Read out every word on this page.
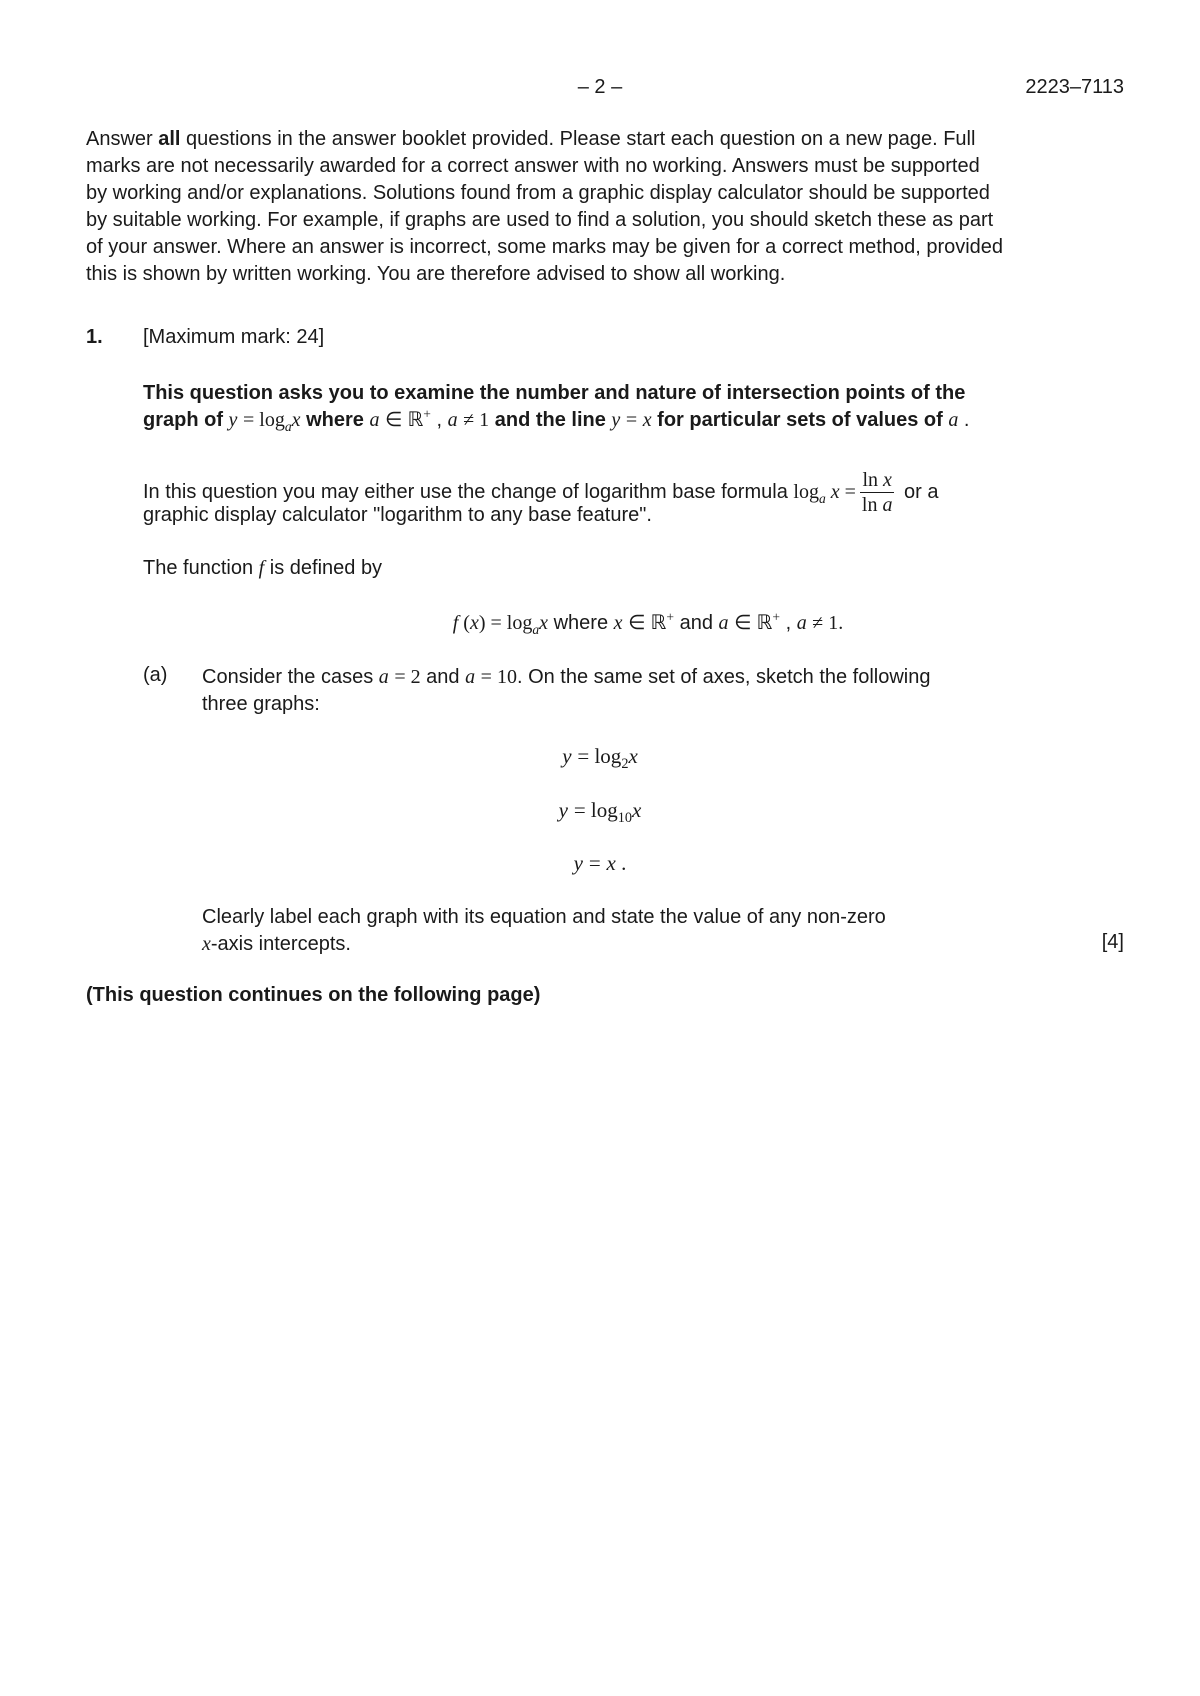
– 2 –	2223–7113
Answer all questions in the answer booklet provided. Please start each question on a new page. Full
marks are not necessarily awarded for a correct answer with no working. Answers must be supported
by working and/or explanations. Solutions found from a graphic display calculator should be supported
by suitable working. For example, if graphs are used to find a solution, you should sketch these as part
of your answer. Where an answer is incorrect, some marks may be given for a correct method, provided
this is shown by written working. You are therefore advised to show all working.
1. [Maximum mark: 24]
This question asks you to examine the number and nature of intersection points of the
graph of $y = \log_ax$ where a ∈ ℝ+ , a ≠ 1 and the line y = x for particular sets of values of a .
In this question you may either use the change of logarithm base formula $\log_a x = \frac{\text{ln x}}{\text{ln a}}$ or a
graphic display calculator "logarithm to any base feature".
The function f is defined by
f $(x) = \log_ax$ where x ∈ ℝ+ and a ∈ ℝ+ , a ≠ 1.
(a) Consider the cases a = 2 and a = 10. On the same set of axes, sketch the following
three graphs:
$y = \log_2x$
$y = \log_{10}x$
y = x .
Clearly label each graph with its equation and state the value of any non-zero
x-axis intercepts.	[4]
(This question continues on the following page)
